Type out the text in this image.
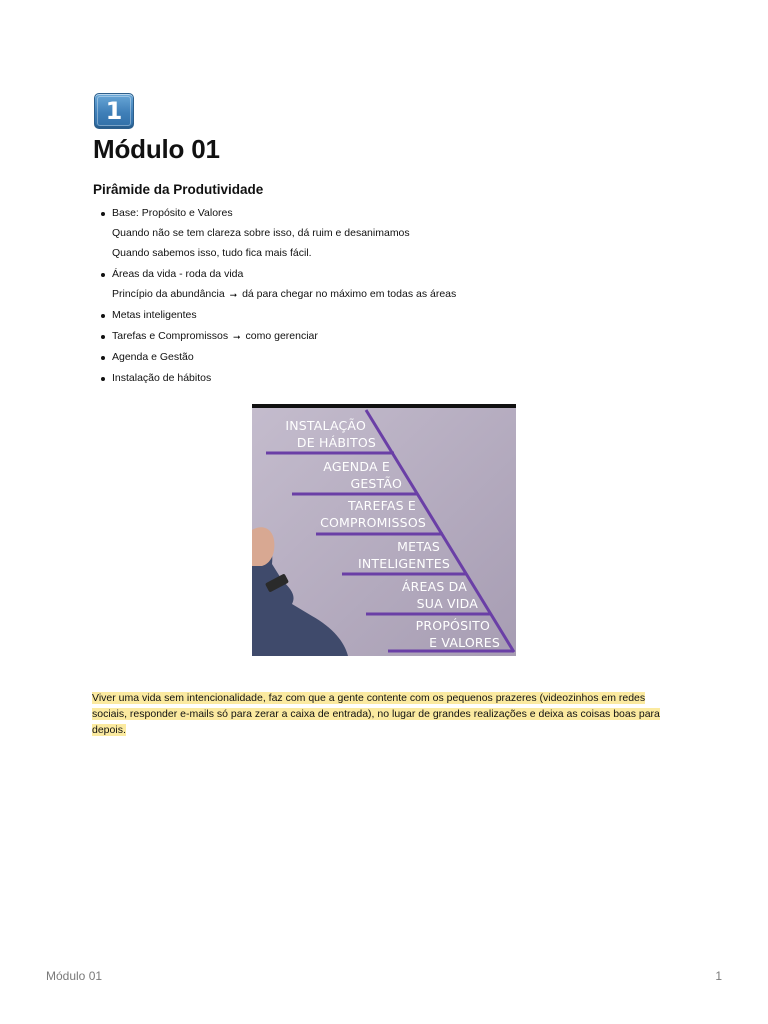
1
Módulo 01
Pirâmide da Produtividade
Base: Propósito e Valores
Quando não se tem clareza sobre isso, dá ruim e desanimamos
Quando sabemos isso, tudo fica mais fácil.
Áreas da vida - roda da vida
Princípio da abundância ➞ dá para chegar no máximo em todas as áreas
Metas inteligentes
Tarefas e Compromissos ➞ como gerenciar
Agenda e Gestão
Instalação de hábitos
INSTALAÇÃO
DE HÁBITOS
AGENDA E
GESTÃO
TAREFAS E
COMPROMISSOS
METAS
INTELIGENTES
ÁREAS DA
SUA VIDA
PROPÓSITO
E VALORES
Viver uma vida sem intencionalidade, faz com que a gente contente com os pequenos prazeres (videozinhos em redes sociais, responder e-mails só para zerar a caixa de entrada), no lugar de grandes realizações e deixa as coisas boas para depois.
Módulo 01	1
